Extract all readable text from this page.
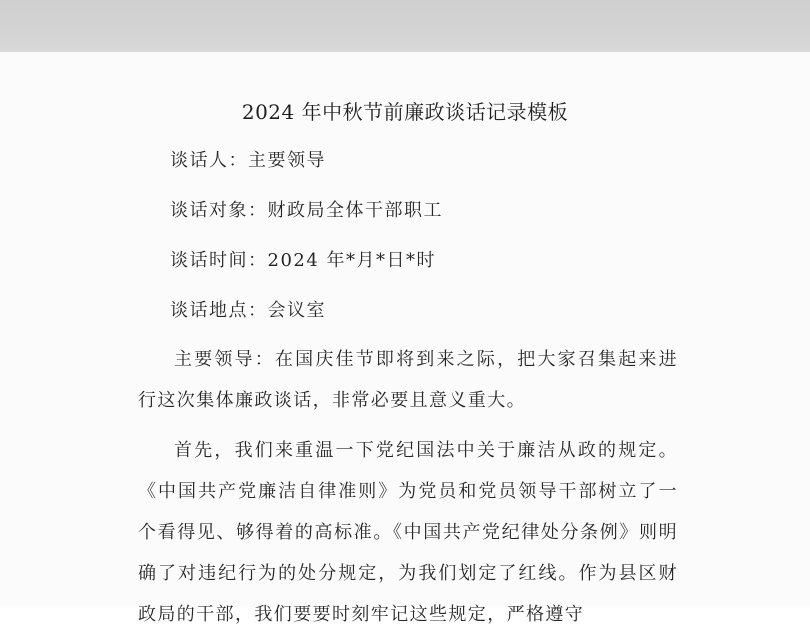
2024 年中秋节前廉政谈话记录模板
谈话人：主要领导
谈话对象：财政局全体干部职工
谈话时间：2024 年*月*日*时
谈话地点：会议室
主要领导：在国庆佳节即将到来之际，把大家召集起来进行这次集体廉政谈话，非常必要且意义重大。
首先，我们来重温一下党纪国法中关于廉洁从政的规定。《中国共产党廉洁自律准则》为党员和党员领导干部树立了一个看得见、够得着的高标准。《中国共产党纪律处分条例》则明确了对违纪行为的处分规定，为我们划定了红线。作为县区财政局的干部，我们要要时刻牢记这些规定，严格遵守
